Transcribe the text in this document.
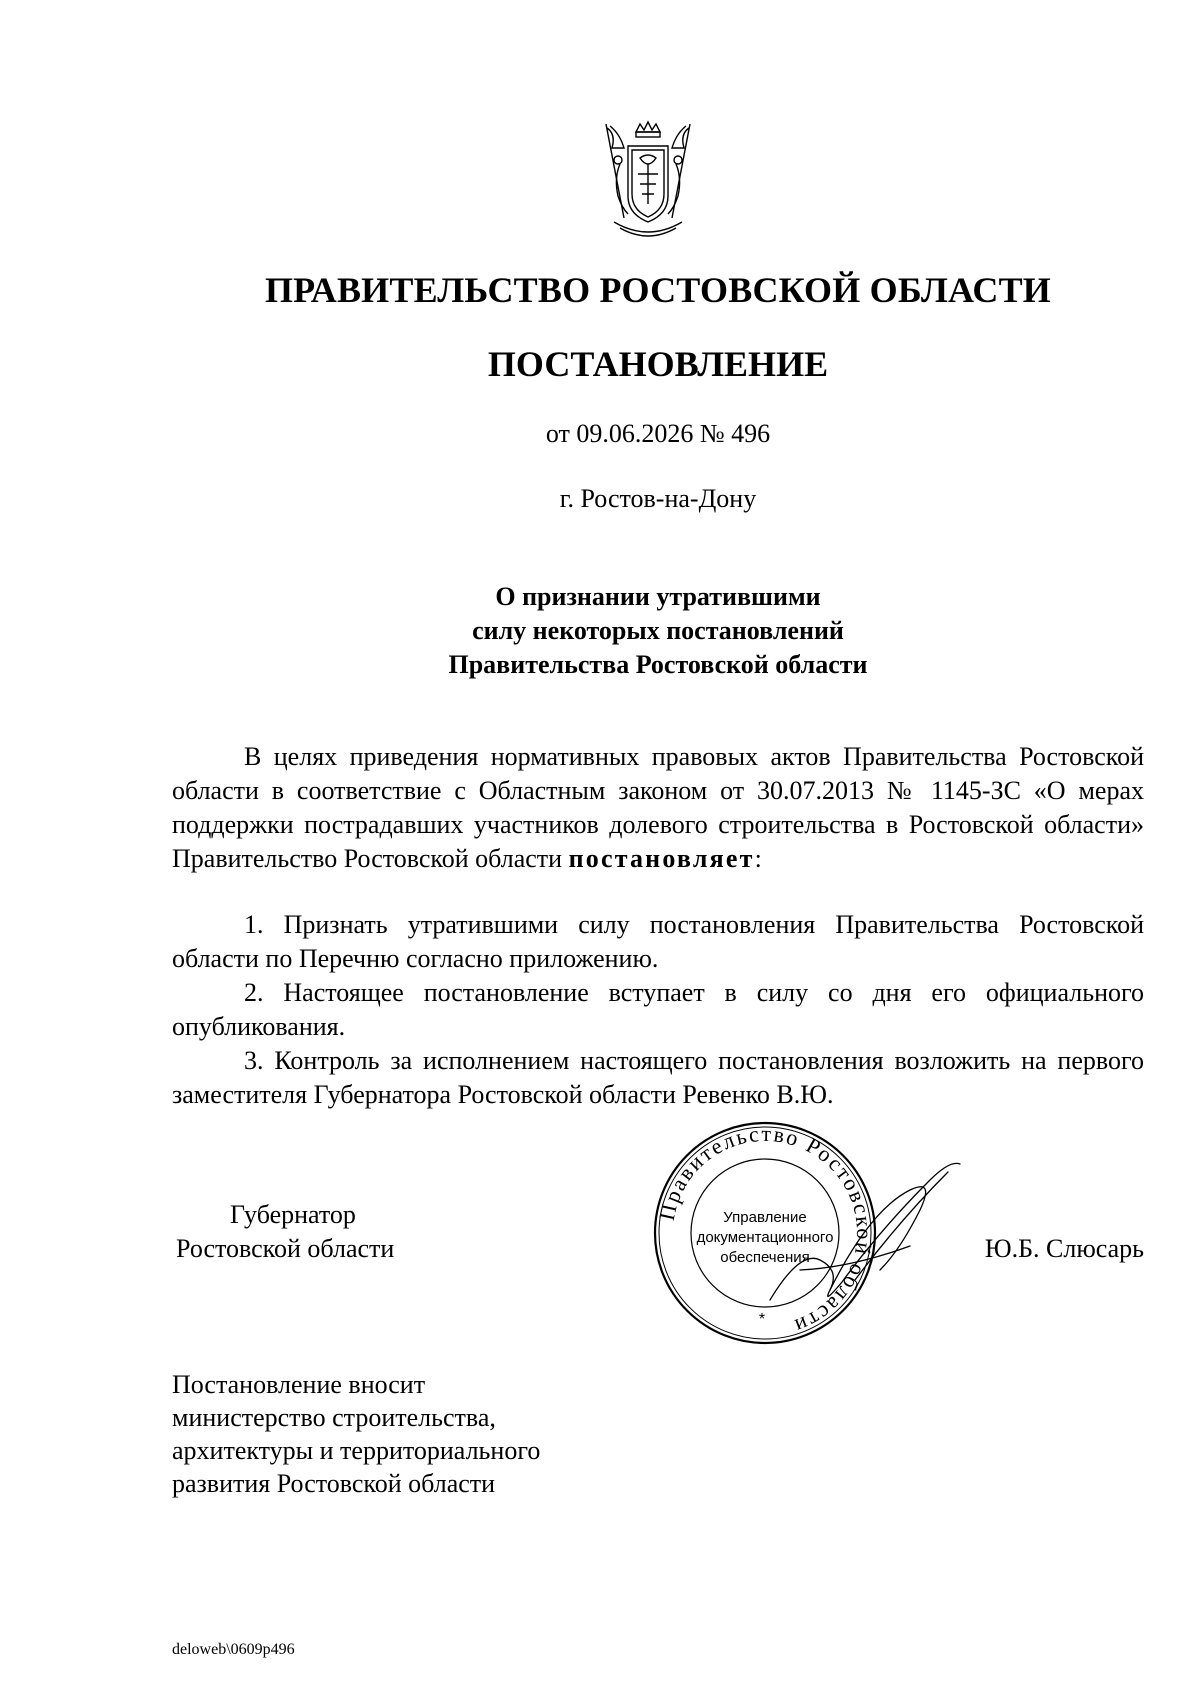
ПРАВИТЕЛЬСТВО РОСТОВСКОЙ ОБЛАСТИ
ПОСТАНОВЛЕНИЕ
от 09.06.2026 № 496
г. Ростов-на-Дону
О признании утратившими
силу некоторых постановлений
Правительства Ростовской области

В целях приведения нормативных правовых актов Правительства Ростовской области в соответствие с Областным законом от 30.07.2013 № 1145-ЗС «О мерах поддержки пострадавших участников долевого строительства в Ростовской области» Правительство Ростовской области постановляет:

1. Признать утратившими силу постановления Правительства Ростовской области по Перечню согласно приложению.

2. Настоящее постановление вступает в силу со дня его официального опубликования.

3. Контроль за исполнением настоящего постановления возложить на первого заместителя Губернатора Ростовской области Ревенко В.Ю.

Губернатор
Ростовской области
Правительство Ростовской области
Управление
документационного
обеспечения
*
Ю.Б. Слюсарь
Постановление вносит
министерство строительства,
архитектуры и территориального
развития Ростовской области
deloweb\0609p496
